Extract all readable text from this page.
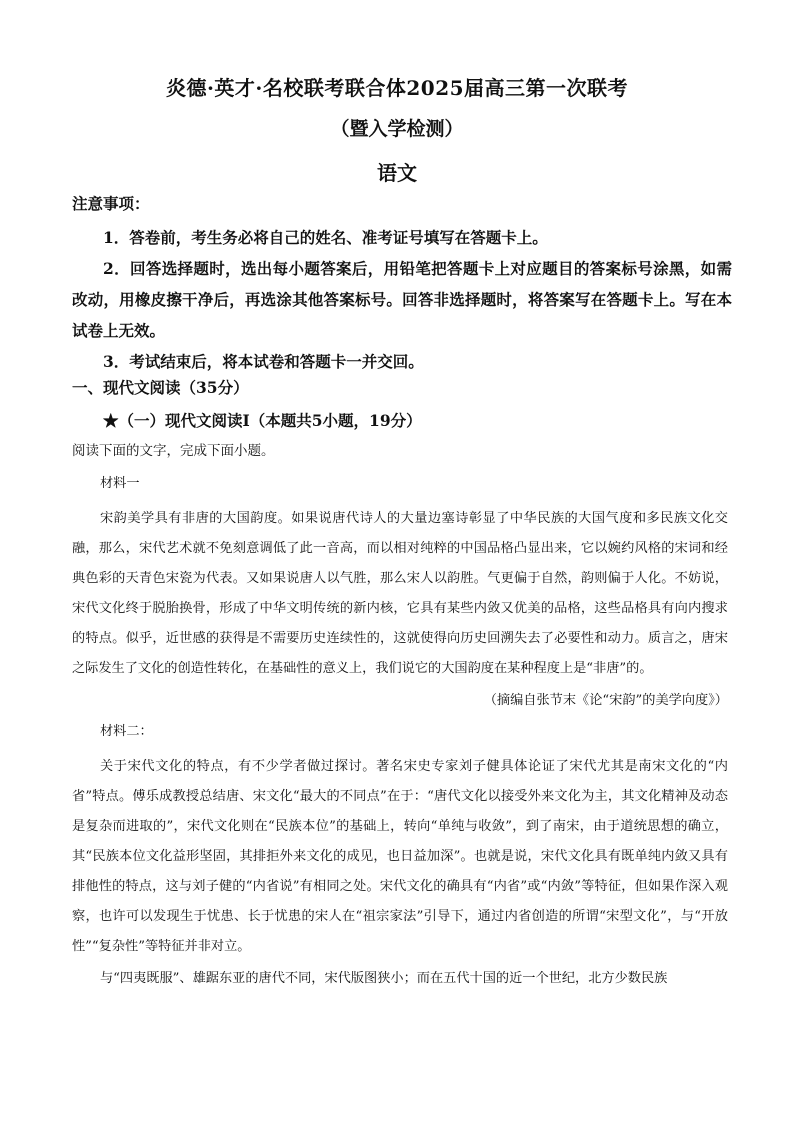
炎德·英才·名校联考联合体2025届高三第一次联考
（暨入学检测）
语文
注意事项：

1．答卷前，考生务必将自己的姓名、准考证号填写在答题卡上。

2．回答选择题时，选出每小题答案后，用铅笔把答题卡上对应题目的答案标号涂黑，如需改动，用橡皮擦干净后，再选涂其他答案标号。回答非选择题时，将答案写在答题卡上。写在本试卷上无效。

3．考试结束后，将本试卷和答题卡一并交回。

一、现代文阅读（35分）
★（一）现代文阅读Ⅰ（本题共5小题，19分）
阅读下面的文字，完成下面小题。

材料一

宋韵美学具有非唐的大国韵度。如果说唐代诗人的大量边塞诗彰显了中华民族的大国气度和多民族文化交融，那么，宋代艺术就不免刻意调低了此一音高，而以相对纯粹的中国品格凸显出来，它以婉约风格的宋词和经典色彩的天青色宋瓷为代表。又如果说唐人以气胜，那么宋人以韵胜。气更偏于自然，韵则偏于人化。不妨说，宋代文化终于脱胎换骨，形成了中华文明传统的新内核，它具有某些内敛又优美的品格，这些品格具有向内搜求的特点。似乎，近世感的获得是不需要历史连续性的，这就使得向历史回溯失去了必要性和动力。质言之，唐宋之际发生了文化的创造性转化，在基础性的意义上，我们说它的大国韵度在某种程度上是“非唐”的。

（摘编自张节末《论“宋韵”的美学向度》）

材料二：

关于宋代文化的特点，有不少学者做过探讨。著名宋史专家刘子健具体论证了宋代尤其是南宋文化的“内省”特点。傅乐成教授总结唐、宋文化“最大的不同点”在于：“唐代文化以接受外来文化为主，其文化精神及动态是复杂而进取的”，宋代文化则在“民族本位”的基础上，转向“单纯与收敛”，到了南宋，由于道统思想的确立，其“民族本位文化益形坚固，其排拒外来文化的成见，也日益加深”。也就是说，宋代文化具有既单纯内敛又具有排他性的特点，这与刘子健的“内省说”有相同之处。宋代文化的确具有“内省”或“内敛”等特征，但如果作深入观察，也许可以发现生于忧患、长于忧患的宋人在“祖宗家法”引导下，通过内省创造的所谓“宋型文化”，与“开放性”“复杂性”等特征并非对立。

与“四夷既服”、雄踞东亚的唐代不同，宋代版图狭小；而在五代十国的近一个世纪，北方少数民族
